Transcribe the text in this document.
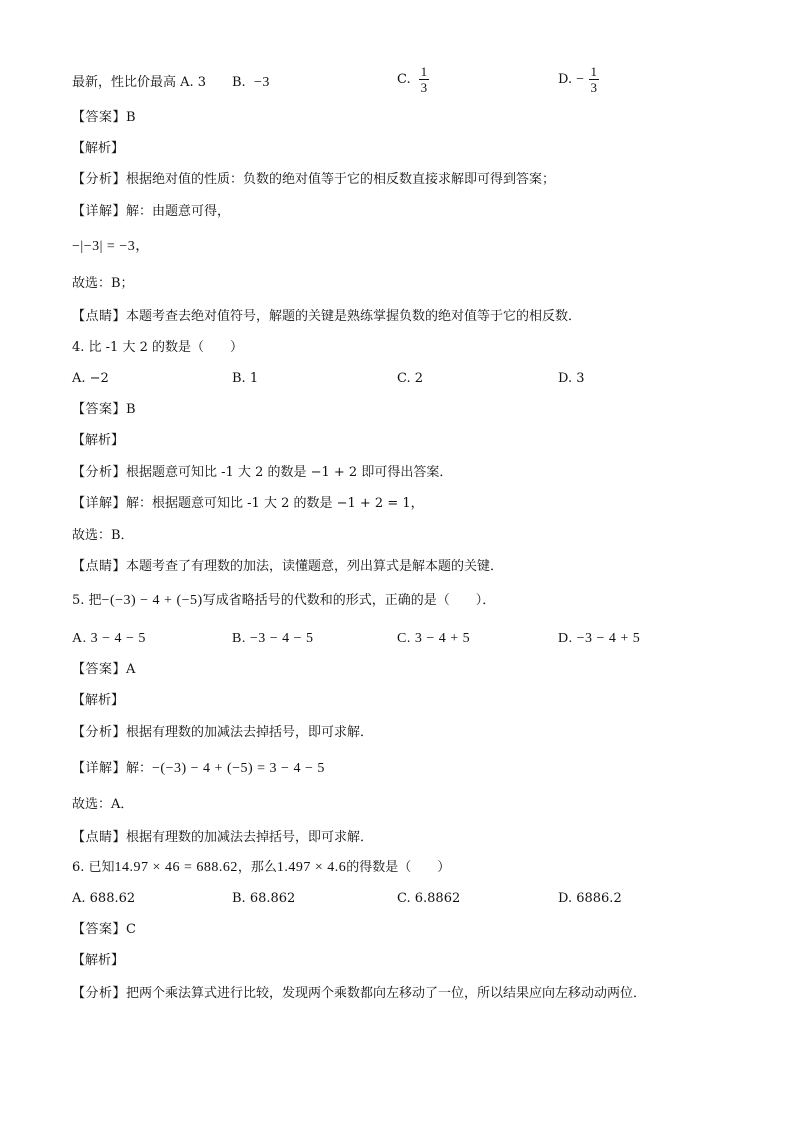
最新，性比价最高 A. 3 B. −3	C. $\frac{1}{3}$	D. − $\frac{1}{3}$
【答案】B
【解析】
【分析】根据绝对值的性质：负数的绝对值等于它的相反数直接求解即可得到答案；
【详解】解：由题意可得，
−|−3| = −3，
故选：B；
【点睛】本题考查去绝对值符号，解题的关键是熟练掌握负数的绝对值等于它的相反数．
4. 比 -1 大 2 的数是（　　）
A. −2	B. 1	C. 2	D. 3
【答案】B
【解析】
【分析】根据题意可知比 -1 大 2 的数是 −1 + 2 即可得出答案．
【详解】解：根据题意可知比 -1 大 2 的数是 −1 + 2 = 1，
故选：B．
【点睛】本题考查了有理数的加法，读懂题意，列出算式是解本题的关键．
5. 把−(−3) − 4 + (−5)写成省略括号的代数和的形式，正确的是（　　）．
A. 3 − 4 − 5	B. −3 − 4 − 5	C. 3 − 4 + 5	D. −3 − 4 + 5
【答案】A
【解析】
【分析】根据有理数的加减法去掉括号，即可求解．
【详解】解：−(−3) − 4 + (−5) = 3 − 4 − 5
故选：A．
【点睛】根据有理数的加减法去掉括号，即可求解．
6. 已知14.97 × 46 = 688.62，那么1.497 × 4.6的得数是（　　）
A. 688.62	B. 68.862	C. 6.8862	D. 6886.2
【答案】C
【解析】
【分析】把两个乘法算式进行比较，发现两个乘数都向左移动了一位，所以结果应向左移动动两位．
